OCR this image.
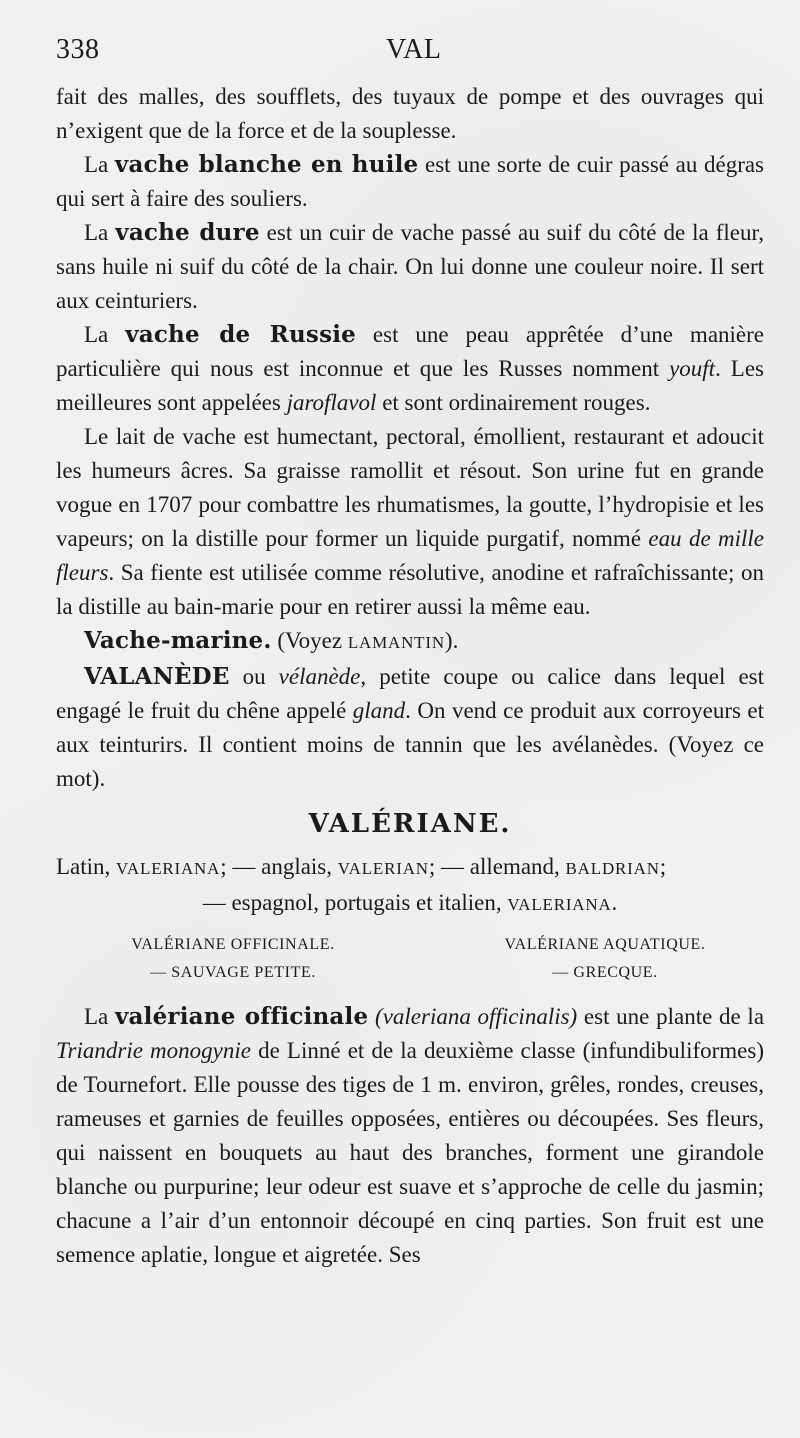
338	VAL

fait des malles, des soufflets, des tuyaux de pompe et des ouvrages qui n’exigent que de la force et de la souplesse.

La vache blanche en huile est une sorte de cuir passé au dégras qui sert à faire des souliers.

La vache dure est un cuir de vache passé au suif du côté de la fleur, sans huile ni suif du côté de la chair. On lui donne une couleur noire. Il sert aux ceinturiers.

La vache de Russie est une peau apprêtée d’une manière particulière qui nous est inconnue et que les Russes nomment youft. Les meilleures sont appelées jaroflavol et sont ordinairement rouges.

Le lait de vache est humectant, pectoral, émollient, restaurant et adoucit les humeurs âcres. Sa graisse ramollit et résout. Son urine fut en grande vogue en 1707 pour combattre les rhumatismes, la goutte, l’hydropisie et les vapeurs; on la distille pour former un liquide purgatif, nommé eau de mille fleurs. Sa fiente est utilisée comme résolutive, anodine et rafraîchissante; on la distille au bain-marie pour en retirer aussi la même eau.

Vache-marine. (Voyez LAMANTIN).

VALANÈDE ou vélanède, petite coupe ou calice dans lequel est engagé le fruit du chêne appelé gland. On vend ce produit aux corroyeurs et aux teinturirs. Il contient moins de tannin que les avélanèdes. (Voyez ce mot).

VALÉRIANE.

Latin, VALERIANA; — anglais, VALERIAN; — allemand, BALDRIAN;

— espagnol, portugais et italien, VALERIANA.

VALÉRIANE OFFICINALE.	VALÉRIANE AQUATIQUE.
— SAUVAGE PETITE.	— GRECQUE.

La valériane officinale (valeriana officinalis) est une plante de la Triandrie monogynie de Linné et de la deuxième classe (infundibuliformes) de Tournefort. Elle pousse des tiges de 1 m. environ, grêles, rondes, creuses, rameuses et garnies de feuilles opposées, entières ou découpées. Ses fleurs, qui naissent en bouquets au haut des branches, forment une girandole blanche ou purpurine; leur odeur est suave et s’approche de celle du jasmin; chacune a l’air d’un entonnoir découpé en cinq parties. Son fruit est une semence aplatie, longue et aigretée. Ses
